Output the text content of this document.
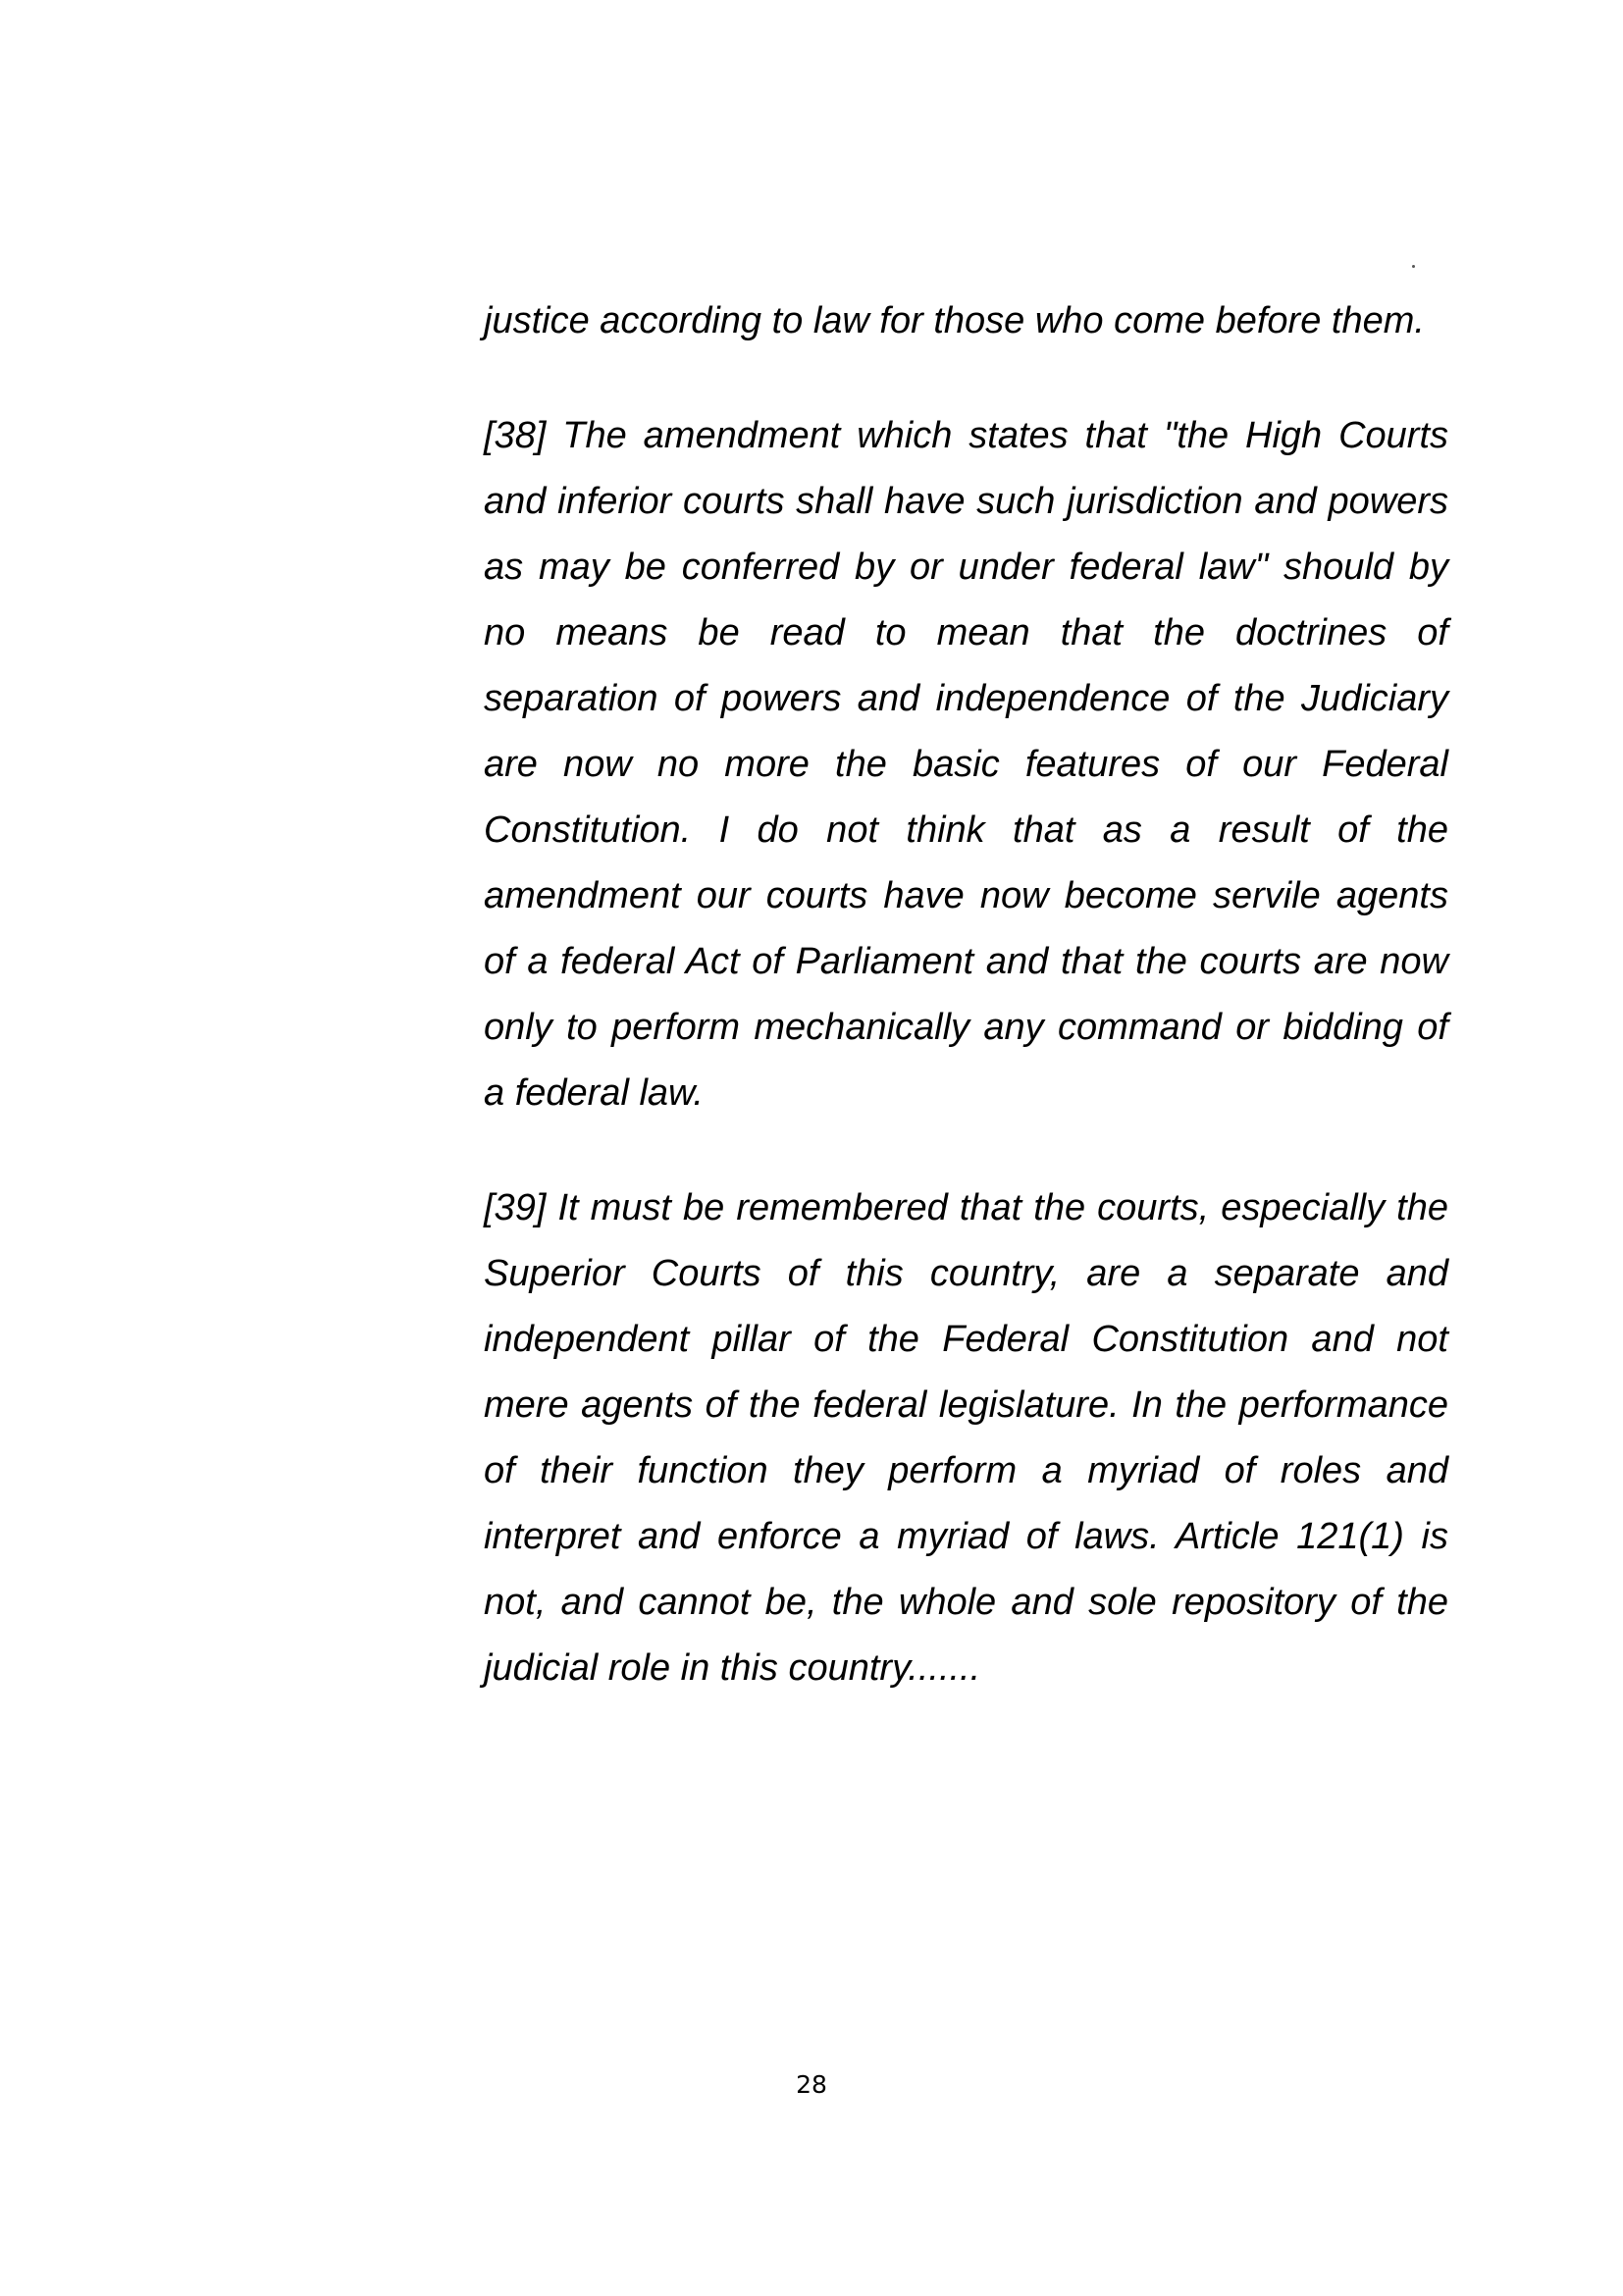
justice according to law for those who come before them.

[38] The amendment which states that "the High Courts and inferior courts shall have such jurisdiction and powers as may be conferred by or under federal law" should by no means be read to mean that the doctrines of separation of powers and independence of the Judiciary are now no more the basic features of our Federal Constitution. I do not think that as a result of the amendment our courts have now become servile agents of a federal Act of Parliament and that the courts are now only to perform mechanically any command or bidding of a federal law.

[39] It must be remembered that the courts, especially the Superior Courts of this country, are a separate and independent pillar of the Federal Constitution and not mere agents of the federal legislature. In the performance of their function they perform a myriad of roles and interpret and enforce a myriad of laws. Article 121(1) is not, and cannot be, the whole and sole repository of the judicial role in this country.......

28
